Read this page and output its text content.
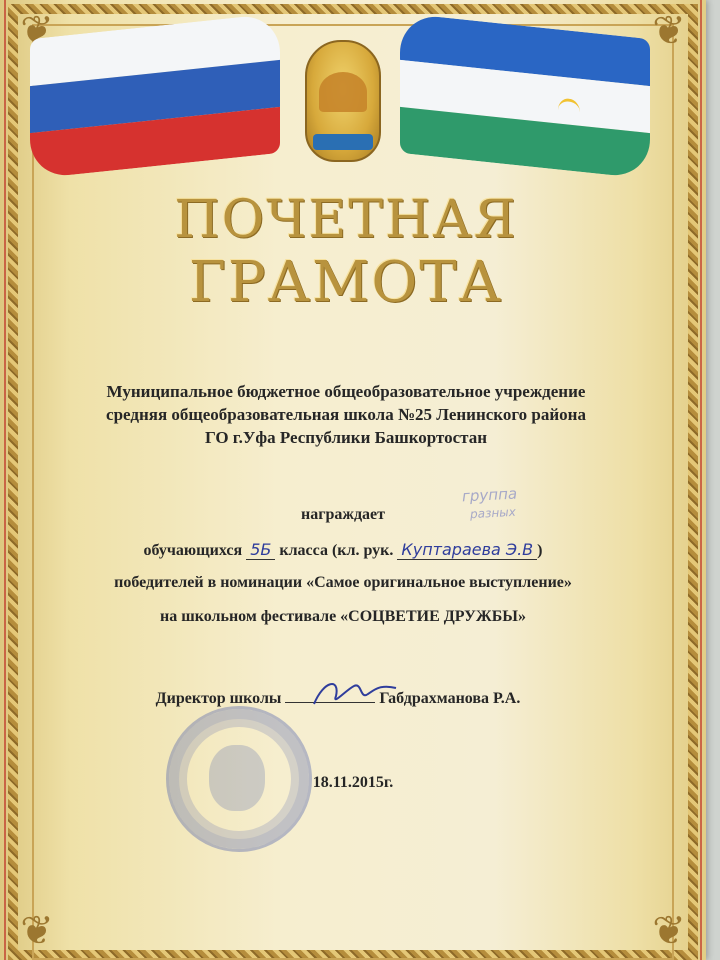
❦	❦
❦	❦
ПОЧЕТНАЯ
ГРАМОТА
Муниципальное бюджетное общеобразовательное учреждение
средняя общеобразовательная школа №25 Ленинского района
ГО г.Уфа Республики Башкортостан
группа
разных
награждает
обучающихся 5Б класса (кл. рук. Куптараева Э.В )
победителей в номинации «Самое оригинальное выступление»
на школьном фестивале «СОЦВЕТИЕ ДРУЖБЫ»
Директор школы	Габдрахманова Р.А.
18.11.2015г.
